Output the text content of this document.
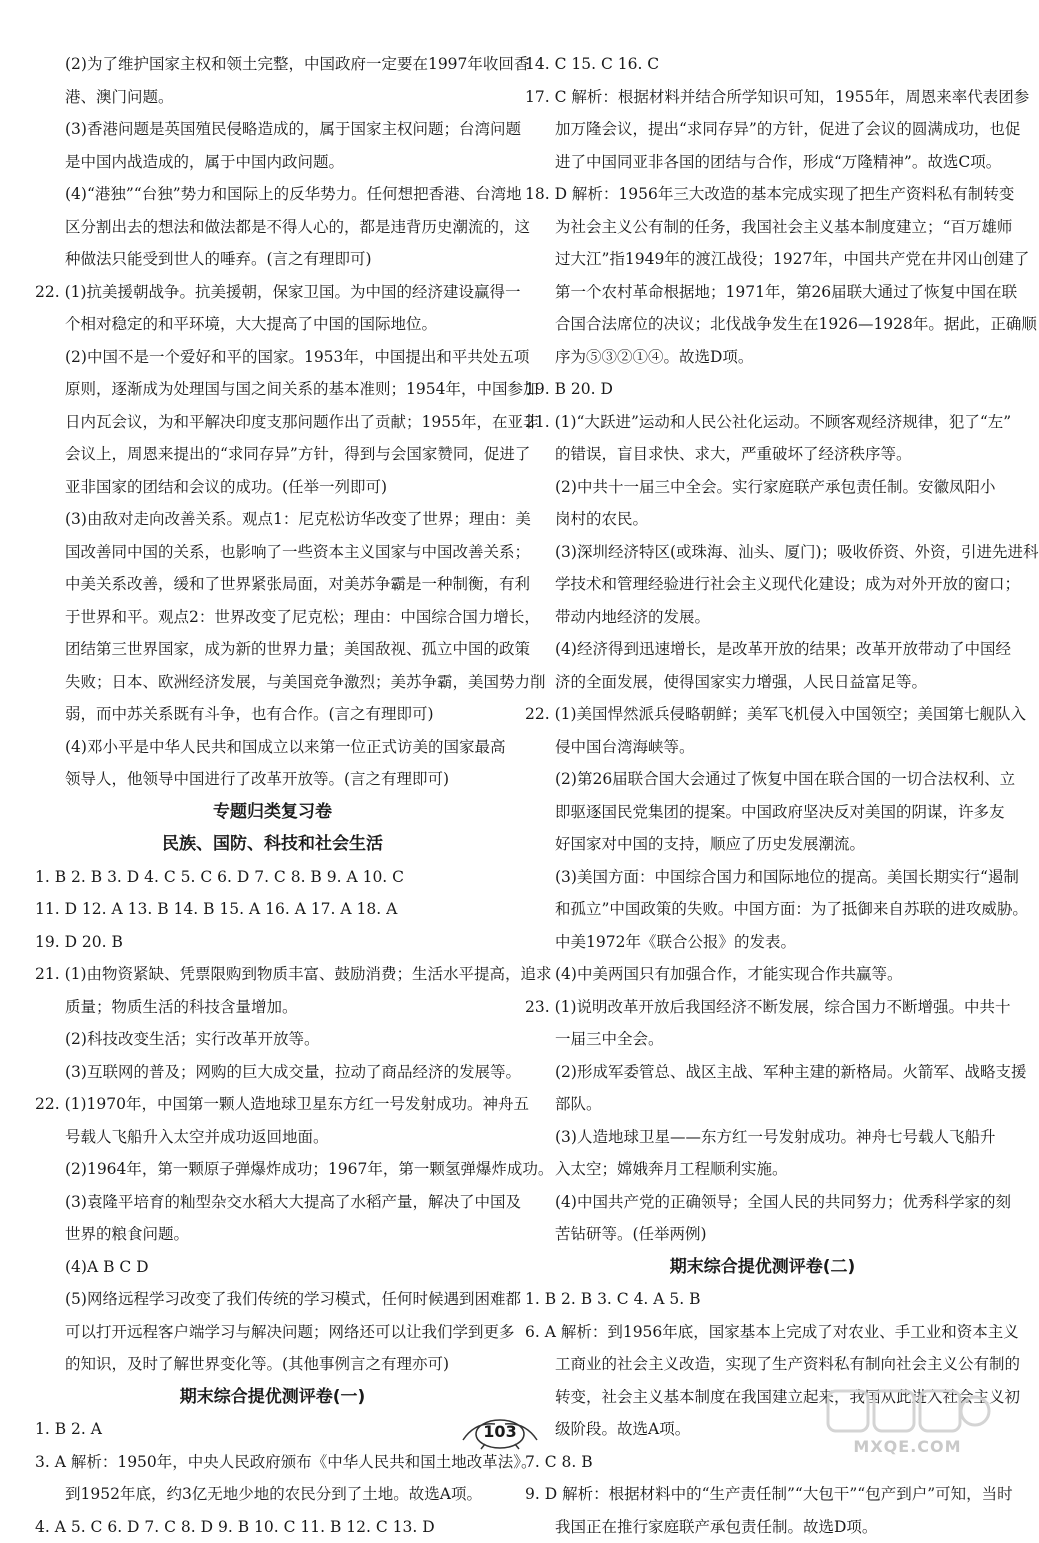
(2)为了维护国家主权和领土完整，中国政府一定要在1997年收回香
港、澳门问题。
(3)香港问题是英国殖民侵略造成的，属于国家主权问题；台湾问题
是中国内战造成的，属于中国内政问题。
(4)“港独”“台独”势力和国际上的反华势力。任何想把香港、台湾地
区分割出去的想法和做法都是不得人心的，都是违背历史潮流的，这
种做法只能受到世人的唾弃。(言之有理即可)
22. (1)抗美援朝战争。抗美援朝，保家卫国。为中国的经济建设赢得一
个相对稳定的和平环境，大大提高了中国的国际地位。
(2)中国不是一个爱好和平的国家。1953年，中国提出和平共处五项
原则，逐渐成为处理国与国之间关系的基本准则；1954年，中国参加
日内瓦会议，为和平解决印度支那问题作出了贡献；1955年，在亚非
会议上，周恩来提出的“求同存异”方针，得到与会国家赞同，促进了
亚非国家的团结和会议的成功。(任举一列即可)
(3)由敌对走向改善关系。观点1：尼克松访华改变了世界；理由：美
国改善同中国的关系，也影响了一些资本主义国家与中国改善关系；
中美关系改善，缓和了世界紧张局面，对美苏争霸是一种制衡，有利
于世界和平。观点2：世界改变了尼克松；理由：中国综合国力增长，
团结第三世界国家，成为新的世界力量；美国敌视、孤立中国的政策
失败；日本、欧洲经济发展，与美国竞争激烈；美苏争霸，美国势力削
弱，而中苏关系既有斗争，也有合作。(言之有理即可)
(4)邓小平是中华人民共和国成立以来第一位正式访美的国家最高
领导人，他领导中国进行了改革开放等。(言之有理即可)
专题归类复习卷
民族、国防、科技和社会生活
1. B 2. B 3. D 4. C 5. C 6. D 7. C 8. B 9. A 10. C
11. D 12. A 13. B 14. B 15. A 16. A 17. A 18. A
19. D 20. B
21. (1)由物资紧缺、凭票限购到物质丰富、鼓励消费；生活水平提高，追求
质量；物质生活的科技含量增加。
(2)科技改变生活；实行改革开放等。
(3)互联网的普及；网购的巨大成交量，拉动了商品经济的发展等。
22. (1)1970年，中国第一颗人造地球卫星东方红一号发射成功。神舟五
号载人飞船升入太空并成功返回地面。
(2)1964年，第一颗原子弹爆炸成功；1967年，第一颗氢弹爆炸成功。
(3)袁隆平培育的籼型杂交水稻大大提高了水稻产量，解决了中国及
世界的粮食问题。
(4)A B C D
(5)网络远程学习改变了我们传统的学习模式，任何时候遇到困难都
可以打开远程客户端学习与解决问题；网络还可以让我们学到更多
的知识，及时了解世界变化等。(其他事例言之有理亦可)
期末综合提优测评卷(一)
1. B 2. A
3. A 解析：1950年，中央人民政府颁布《中华人民共和国土地改革法》。
到1952年底，约3亿无地少地的农民分到了土地。故选A项。
4. A 5. C 6. D 7. C 8. D 9. B 10. C 11. B 12. C 13. D
14. C 15. C 16. C
17. C 解析：根据材料并结合所学知识可知，1955年，周恩来率代表团参
加万隆会议，提出“求同存异”的方针，促进了会议的圆满成功，也促
进了中国同亚非各国的团结与合作，形成“万隆精神”。故选C项。
18. D 解析：1956年三大改造的基本完成实现了把生产资料私有制转变
为社会主义公有制的任务，我国社会主义基本制度建立；“百万雄师
过大江”指1949年的渡江战役；1927年，中国共产党在井冈山创建了
第一个农村革命根据地；1971年，第26届联大通过了恢复中国在联
合国合法席位的决议；北伐战争发生在1926—1928年。据此，正确顺
序为⑤③②①④。故选D项。
19. B 20. D
21. (1)“大跃进”运动和人民公社化运动。不顾客观经济规律，犯了“左”
的错误，盲目求快、求大，严重破坏了经济秩序等。
(2)中共十一届三中全会。实行家庭联产承包责任制。安徽凤阳小
岗村的农民。
(3)深圳经济特区(或珠海、汕头、厦门)；吸收侨资、外资，引进先进科
学技术和管理经验进行社会主义现代化建设；成为对外开放的窗口；
带动内地经济的发展。
(4)经济得到迅速增长，是改革开放的结果；改革开放带动了中国经
济的全面发展，使得国家实力增强，人民日益富足等。
22. (1)美国悍然派兵侵略朝鲜；美军飞机侵入中国领空；美国第七舰队入
侵中国台湾海峡等。
(2)第26届联合国大会通过了恢复中国在联合国的一切合法权利、立
即驱逐国民党集团的提案。中国政府坚决反对美国的阴谋，许多友
好国家对中国的支持，顺应了历史发展潮流。
(3)美国方面：中国综合国力和国际地位的提高。美国长期实行“遏制
和孤立”中国政策的失败。中国方面：为了抵御来自苏联的进攻威胁。
中美1972年《联合公报》的发表。
(4)中美两国只有加强合作，才能实现合作共赢等。
23. (1)说明改革开放后我国经济不断发展，综合国力不断增强。中共十
一届三中全会。
(2)形成军委管总、战区主战、军种主建的新格局。火箭军、战略支援
部队。
(3)人造地球卫星——东方红一号发射成功。神舟七号载人飞船升
入太空；嫦娥奔月工程顺利实施。
(4)中国共产党的正确领导；全国人民的共同努力；优秀科学家的刻
苦钻研等。(任举两例)
期末综合提优测评卷(二)
1. B 2. B 3. C 4. A 5. B
6. A 解析：到1956年底，国家基本上完成了对农业、手工业和资本主义
工商业的社会主义改造，实现了生产资料私有制向社会主义公有制的
转变，社会主义基本制度在我国建立起来，我国从此进入社会主义初
级阶段。故选A项。
7. C 8. B
9. D 解析：根据材料中的“生产责任制”“大包干”“包产到户”可知，当时
我国正在推行家庭联产承包责任制。故选D项。
103
MXQE.COM
